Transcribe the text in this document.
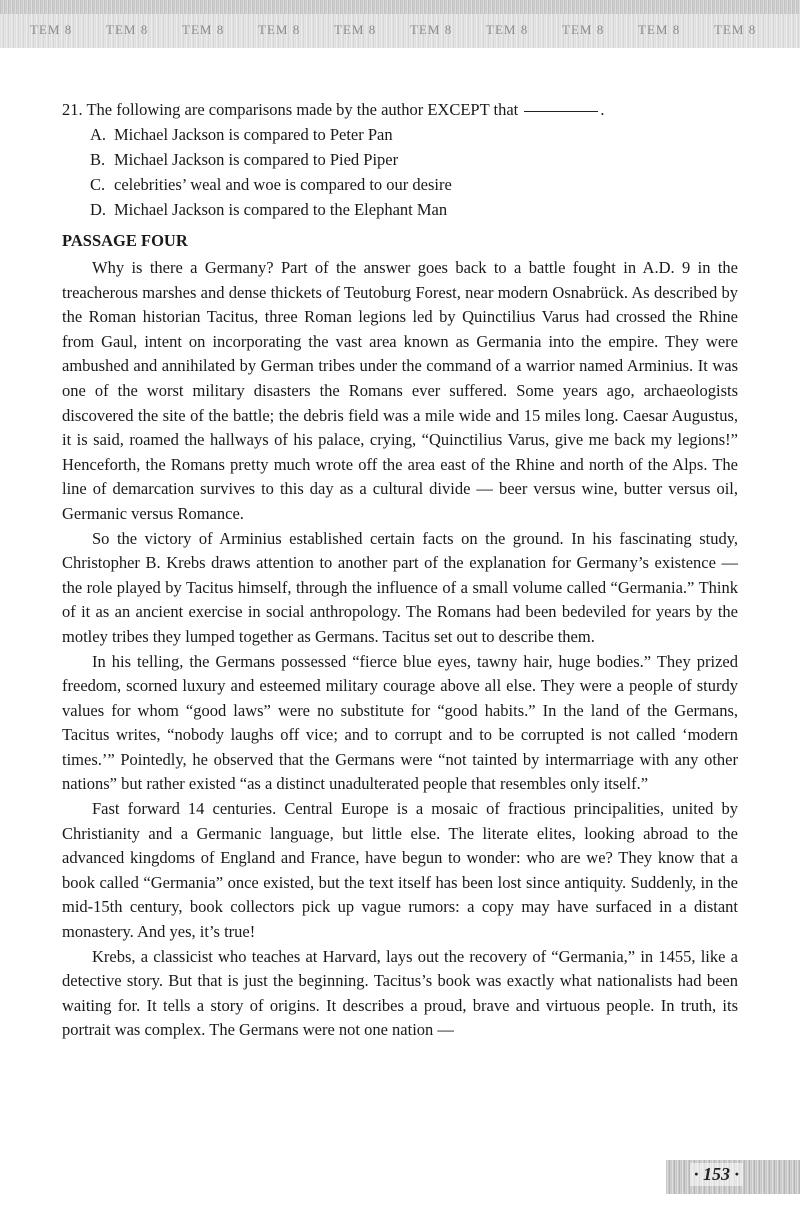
TEM 8	TEM 8	TEM 8	TEM 8	TEM 8	TEM 8	TEM 8	TEM 8	TEM 8	TEM 8

21. The following are comparisons made by the author EXCEPT that	.

A. Michael Jackson is compared to Peter Pan
B. Michael Jackson is compared to Pied Piper
C. celebrities’ weal and woe is compared to our desire
D. Michael Jackson is compared to the Elephant Man
PASSAGE FOUR

Why is there a Germany? Part of the answer goes back to a battle fought in A.D. 9 in the treacherous marshes and dense thickets of Teutoburg Forest, near modern Osnabrück. As described by the Roman historian Tacitus, three Roman legions led by Quinctilius Varus had crossed the Rhine from Gaul, intent on incorporating the vast area known as Germania into the empire. They were ambushed and annihilated by German tribes under the command of a warrior named Arminius. It was one of the worst military disasters the Romans ever suffered. Some years ago, archaeologists discovered the site of the battle; the debris field was a mile wide and 15 miles long. Caesar Augustus, it is said, roamed the hallways of his palace, crying, “Quinctilius Varus, give me back my legions!” Henceforth, the Romans pretty much wrote off the area east of the Rhine and north of the Alps. The line of demarcation survives to this day as a cultural divide — beer versus wine, butter versus oil, Germanic versus Romance.

So the victory of Arminius established certain facts on the ground. In his fascinating study, Christopher B. Krebs draws attention to another part of the explanation for Germany’s existence — the role played by Tacitus himself, through the influence of a small volume called “Germania.” Think of it as an ancient exercise in social anthropology. The Romans had been bedeviled for years by the motley tribes they lumped together as Germans. Tacitus set out to describe them.

In his telling, the Germans possessed “fierce blue eyes, tawny hair, huge bodies.” They prized freedom, scorned luxury and esteemed military courage above all else. They were a people of sturdy values for whom “good laws” were no substitute for “good habits.” In the land of the Germans, Tacitus writes, “nobody laughs off vice; and to corrupt and to be corrupted is not called ‘modern times.’” Pointedly, he observed that the Germans were “not tainted by intermarriage with any other nations” but rather existed “as a distinct unadulterated people that resembles only itself.”

Fast forward 14 centuries. Central Europe is a mosaic of fractious principalities, united by Christianity and a Germanic language, but little else. The literate elites, looking abroad to the advanced kingdoms of England and France, have begun to wonder: who are we? They know that a book called “Germania” once existed, but the text itself has been lost since antiquity. Suddenly, in the mid-15th century, book collectors pick up vague rumors: a copy may have surfaced in a distant monastery. And yes, it’s true!

Krebs, a classicist who teaches at Harvard, lays out the recovery of “Germania,” in 1455, like a detective story. But that is just the beginning. Tacitus’s book was exactly what nationalists had been waiting for. It tells a story of origins. It describes a proud, brave and virtuous people. In truth, its portrait was complex. The Germans were not one nation —

· 153 ·
